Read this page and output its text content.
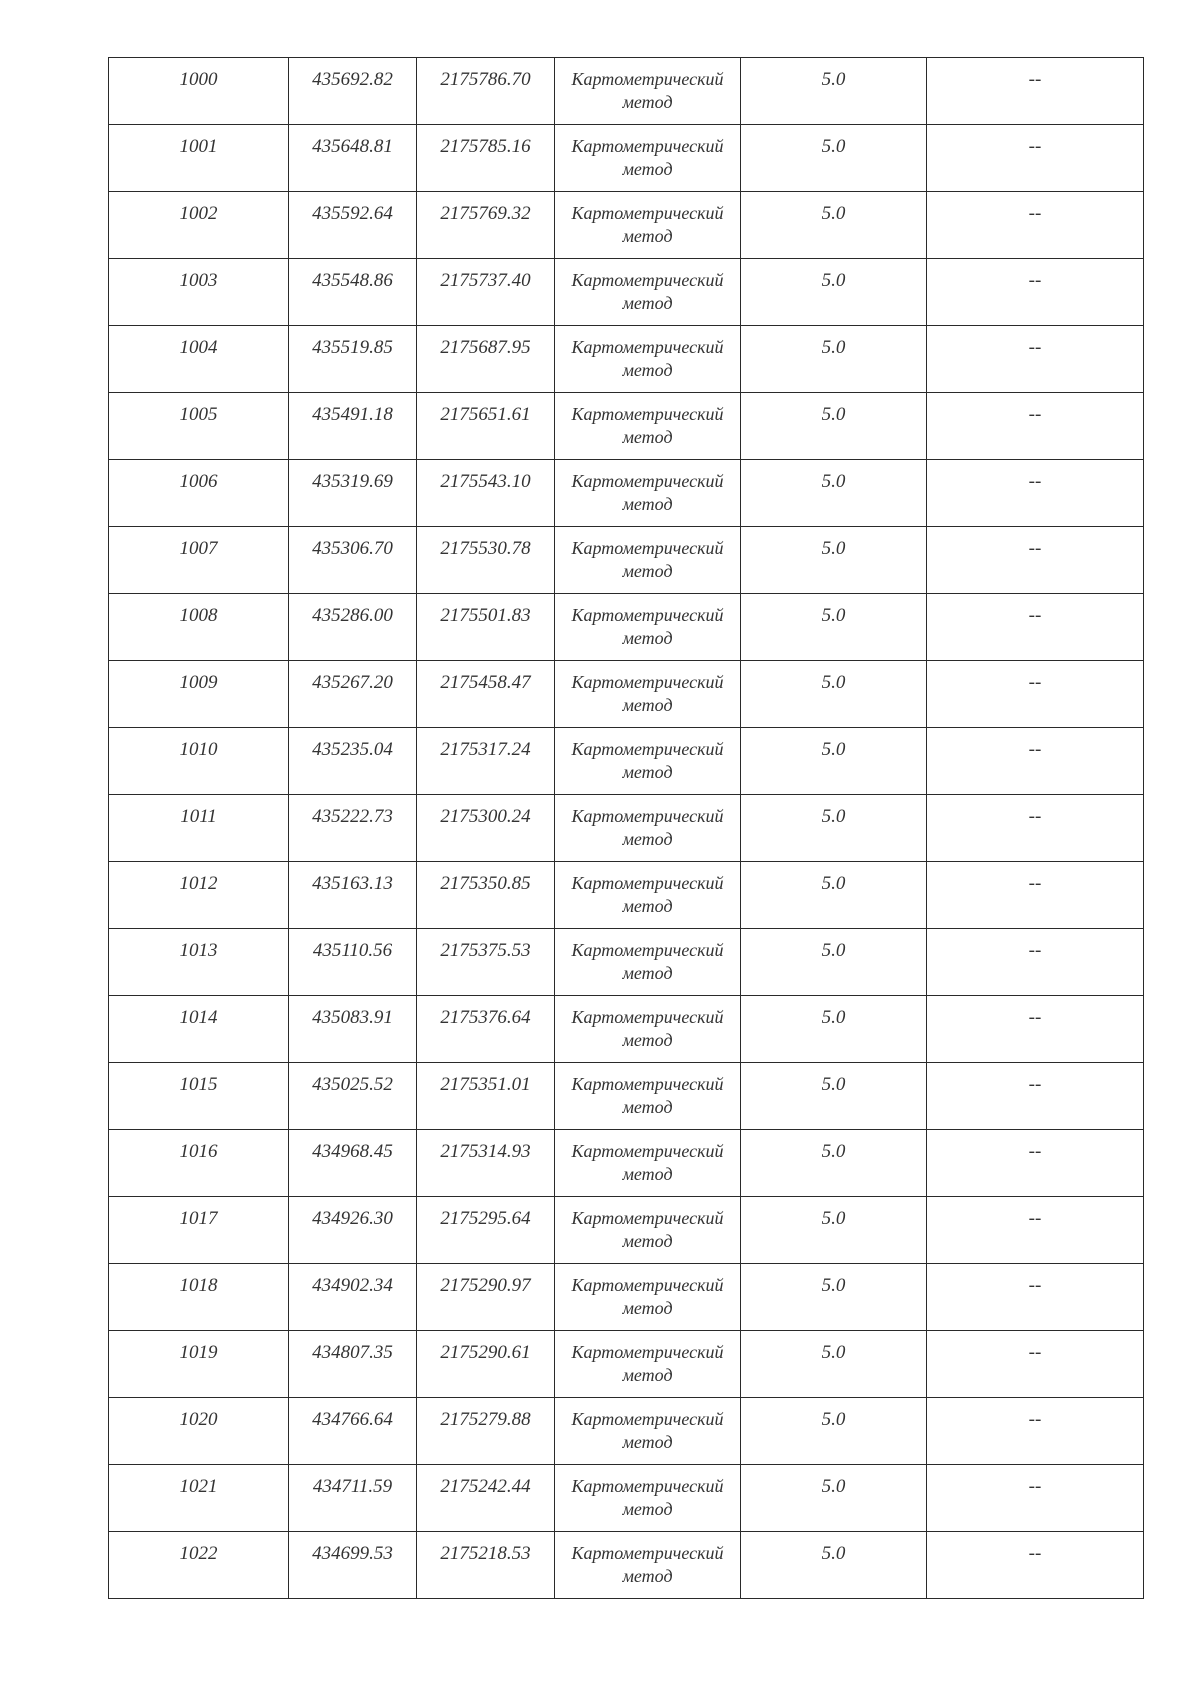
1000	435692.82	2175786.70	Картометрический метод	5.0	--
1001	435648.81	2175785.16	Картометрический метод	5.0	--
1002	435592.64	2175769.32	Картометрический метод	5.0	--
1003	435548.86	2175737.40	Картометрический метод	5.0	--
1004	435519.85	2175687.95	Картометрический метод	5.0	--
1005	435491.18	2175651.61	Картометрический метод	5.0	--
1006	435319.69	2175543.10	Картометрический метод	5.0	--
1007	435306.70	2175530.78	Картометрический метод	5.0	--
1008	435286.00	2175501.83	Картометрический метод	5.0	--
1009	435267.20	2175458.47	Картометрический метод	5.0	--
1010	435235.04	2175317.24	Картометрический метод	5.0	--
1011	435222.73	2175300.24	Картометрический метод	5.0	--
1012	435163.13	2175350.85	Картометрический метод	5.0	--
1013	435110.56	2175375.53	Картометрический метод	5.0	--
1014	435083.91	2175376.64	Картометрический метод	5.0	--
1015	435025.52	2175351.01	Картометрический метод	5.0	--
1016	434968.45	2175314.93	Картометрический метод	5.0	--
1017	434926.30	2175295.64	Картометрический метод	5.0	--
1018	434902.34	2175290.97	Картометрический метод	5.0	--
1019	434807.35	2175290.61	Картометрический метод	5.0	--
1020	434766.64	2175279.88	Картометрический метод	5.0	--
1021	434711.59	2175242.44	Картометрический метод	5.0	--
1022	434699.53	2175218.53	Картометрический метод	5.0	--
